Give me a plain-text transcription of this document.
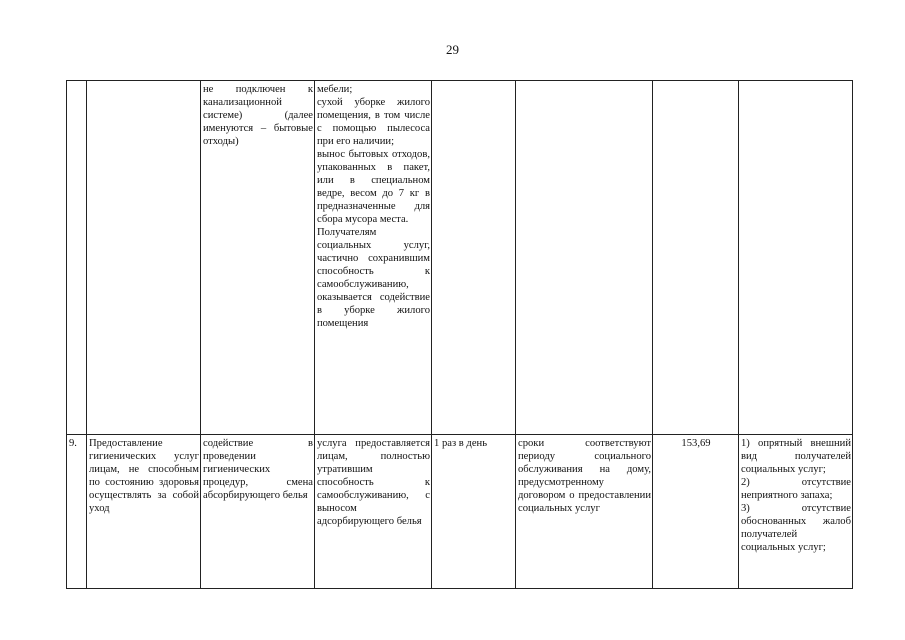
29

		не подключен к канализационной системе) (далее именуются – бытовые отходы)	мебели;

сухой уборке жилого помещения, в том числе с помощью пылесоса при его наличии;

вынос бытовых отходов, упакованных в пакет, или в специальном ведре, весом до 7 кг в предназначенные для сбора мусора места.

Получателям социальных услуг, частично сохранившим способность к самообслуживанию, оказывается содействие в уборке жилого помещения				

9.	Предоставление гигиенических услуг лицам, не способным по состоянию здоровья осуществлять за собой уход	содействие в проведении гигиенических процедур, смена абсорбирующего белья	услуга предоставляется лицам, полностью утратившим способность к самообслуживанию, с выносом адсорбирующего белья	1 раз в день	сроки соответствуют периоду социального обслуживания на дому, предусмотренному договором о предоставлении социальных услуг	153,69	1) опрятный внешний вид получателей социальных услуг;

2) отсутствие неприятного запаха;

3) отсутствие обоснованных жалоб получателей социальных услуг;
